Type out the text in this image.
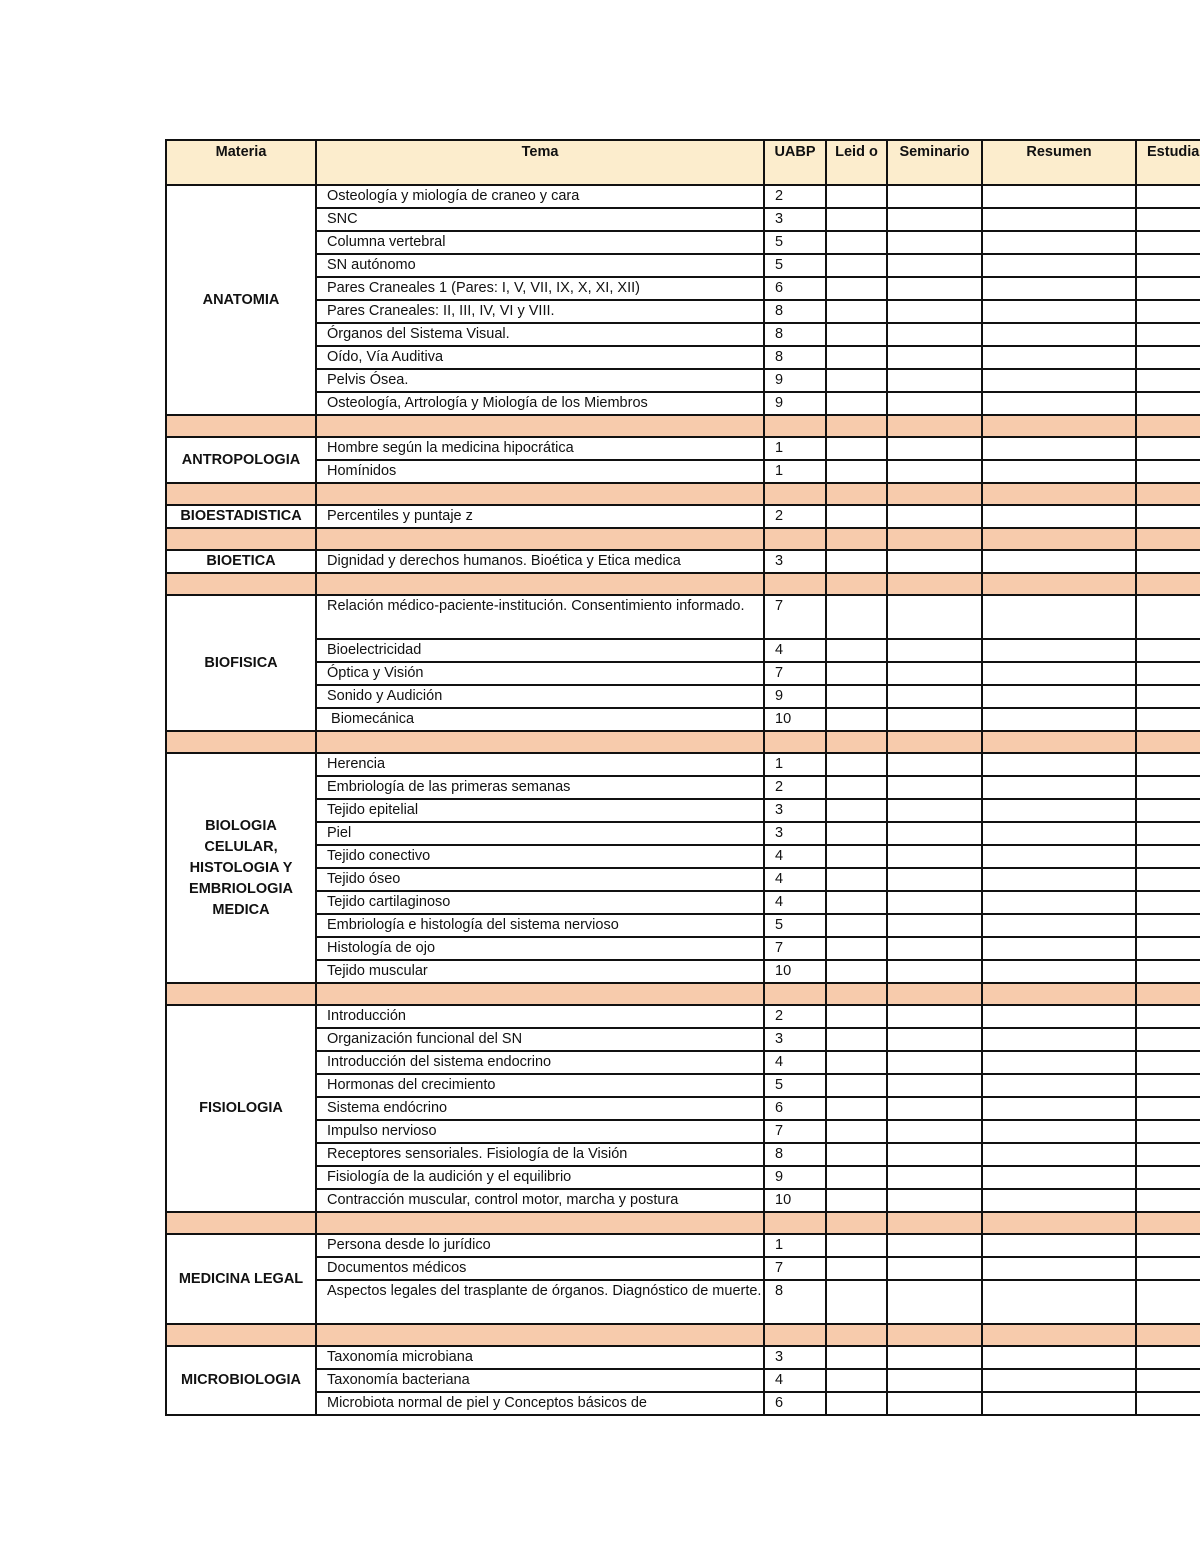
Materia	Tema	UABP	Leid o	Seminario	Resumen	Estudia
ANATOMIA	Osteología y miología de craneo y cara	2				
	SNC	3				
	Columna vertebral	5				
	SN autónomo	5				
	Pares Craneales 1 (Pares: I, V, VII, IX, X, XI, XII)	6				
	Pares Craneales: II, III, IV, VI y VIII.	8				
	Órganos del Sistema Visual.	8				
	Oído, Vía Auditiva	8				
	Pelvis Ósea.	9				
	Osteología, Artrología y Miología de los Miembros	9				

ANTROPOLOGIA	Hombre según la medicina hipocrática	1				
	Homínidos	1				

BIOESTADISTICA	Percentiles y puntaje z	2				

BIOETICA	Dignidad y derechos humanos. Bioética y Etica medica	3				

BIOFISICA	Relación médico-paciente-institución. Consentimiento informado.	7				
	Bioelectricidad	4				
	Óptica y Visión	7				
	Sonido y Audición	9				
	Biomecánica	10				

BIOLOGIA CELULAR, HISTOLOGIA Y EMBRIOLOGIA MEDICA	Herencia	1				
	Embriología de las primeras semanas	2				
	Tejido epitelial	3				
	Piel	3				
	Tejido conectivo	4				
	Tejido óseo	4				
	Tejido cartilaginoso	4				
	Embriología e histología del sistema nervioso	5				
	Histología de ojo	7				
	Tejido muscular	10				

FISIOLOGIA	Introducción	2				
	Organización funcional del SN	3				
	Introducción del sistema endocrino	4				
	Hormonas del crecimiento	5				
	Sistema endócrino	6				
	Impulso nervioso	7				
	Receptores sensoriales. Fisiología de la Visión	8				
	Fisiología de la audición y el equilibrio	9				
	Contracción muscular, control motor, marcha y postura	10				

MEDICINA LEGAL	Persona desde lo jurídico	1				
	Documentos médicos	7				
	Aspectos legales del trasplante de órganos. Diagnóstico de muerte.	8				

MICROBIOLOGIA	Taxonomía microbiana	3				
	Taxonomía bacteriana	4				
	Microbiota normal de piel y Conceptos básicos de	6				
